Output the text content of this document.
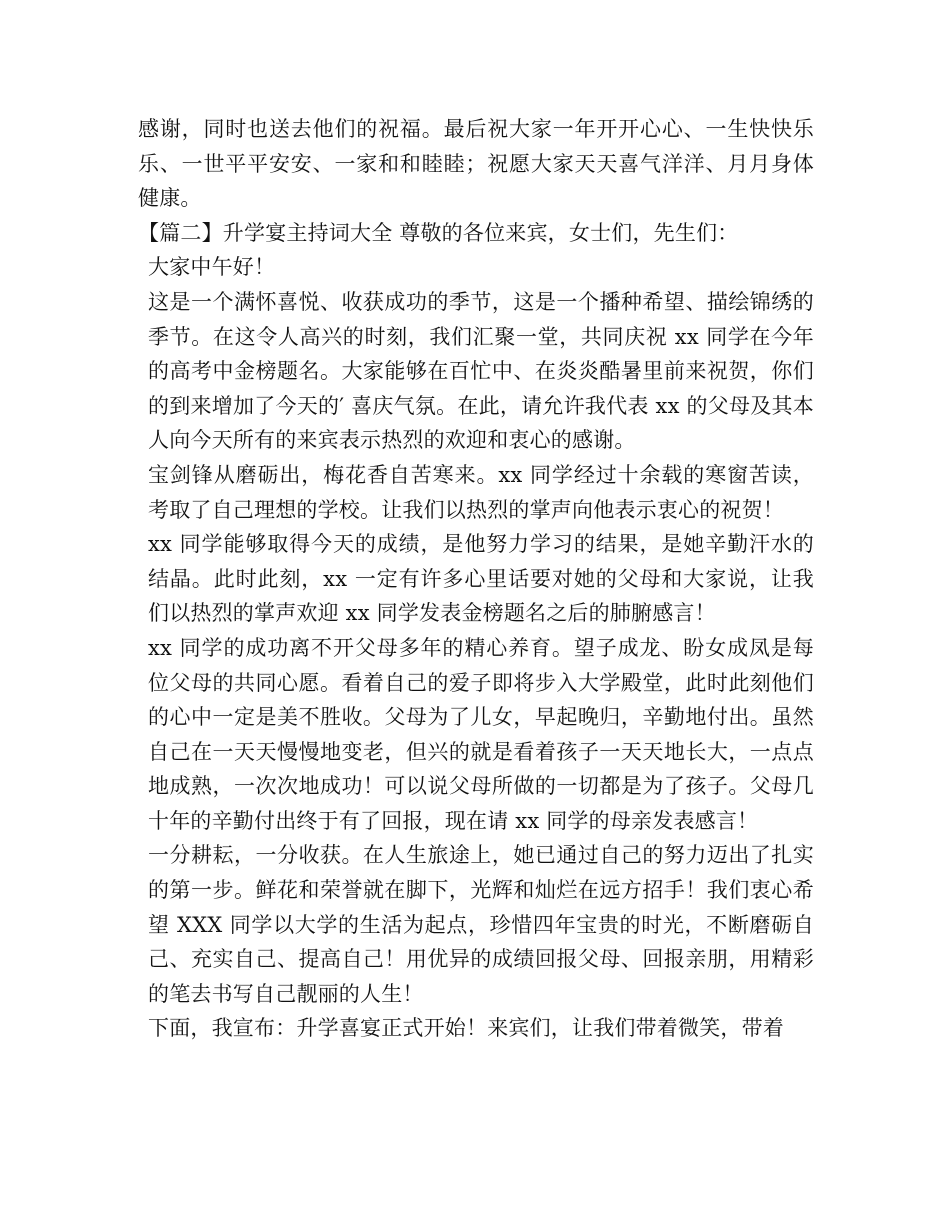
感谢，同时也送去他们的祝福。最后祝大家一年开开心心、一生快快乐乐、一世平平安安、一家和和睦睦；祝愿大家天天喜气洋洋、月月身体健康。

【篇二】升学宴主持词大全 尊敬的各位来宾，女士们，先生们：

大家中午好！

这是一个满怀喜悦、收获成功的季节，这是一个播种希望、描绘锦绣的季节。在这令人高兴的时刻，我们汇聚一堂，共同庆祝 xx 同学在今年的高考中金榜题名。大家能够在百忙中、在炎炎酷暑里前来祝贺，你们的到来增加了今天的′ 喜庆气氛。在此，请允许我代表 xx 的父母及其本人向今天所有的来宾表示热烈的欢迎和衷心的感谢。

宝剑锋从磨砺出，梅花香自苦寒来。xx 同学经过十余载的寒窗苦读，考取了自己理想的学校。让我们以热烈的掌声向他表示衷心的祝贺！

xx 同学能够取得今天的成绩，是他努力学习的结果，是她辛勤汗水的结晶。此时此刻，xx 一定有许多心里话要对她的父母和大家说，让我们以热烈的掌声欢迎 xx 同学发表金榜题名之后的肺腑感言！

xx 同学的成功离不开父母多年的精心养育。望子成龙、盼女成凤是每位父母的共同心愿。看着自己的爱子即将步入大学殿堂，此时此刻他们的心中一定是美不胜收。父母为了儿女，早起晚归，辛勤地付出。虽然自己在一天天慢慢地变老，但兴的就是看着孩子一天天地长大，一点点地成熟，一次次地成功！可以说父母所做的一切都是为了孩子。父母几十年的辛勤付出终于有了回报，现在请 xx 同学的母亲发表感言！

一分耕耘，一分收获。在人生旅途上，她已通过自己的努力迈出了扎实的第一步。鲜花和荣誉就在脚下，光辉和灿烂在远方招手！我们衷心希望 XXX 同学以大学的生活为起点，珍惜四年宝贵的时光，不断磨砺自己、充实自己、提高自己！用优异的成绩回报父母、回报亲朋，用精彩的笔去书写自己靓丽的人生！

下面，我宣布：升学喜宴正式开始！来宾们，让我们带着微笑，带着
